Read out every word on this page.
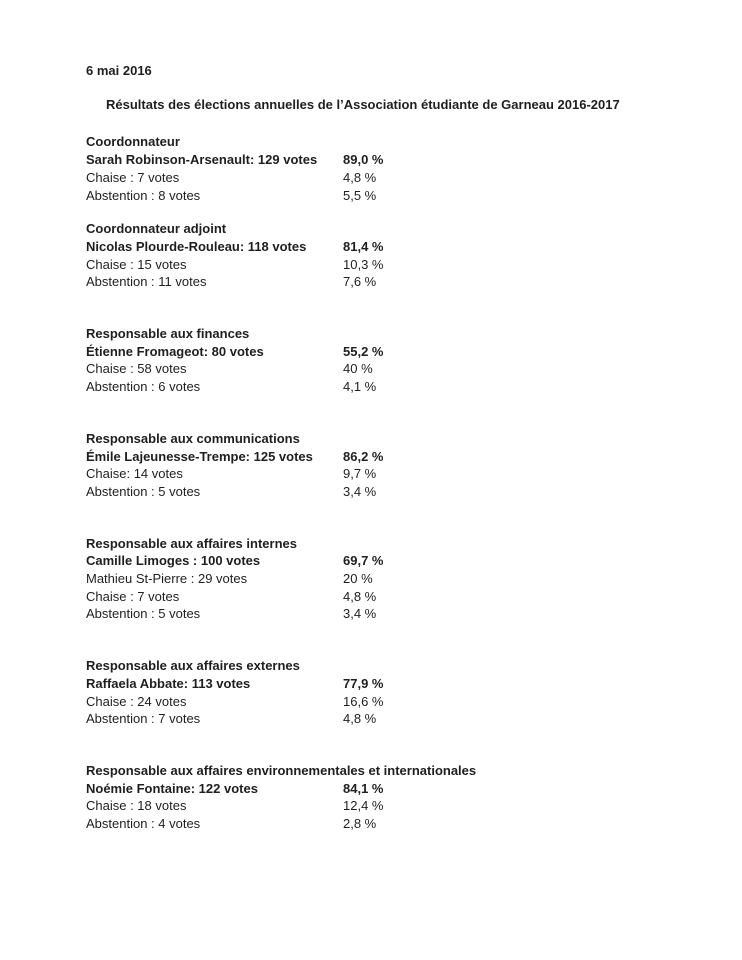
6 mai 2016

Résultats des élections annuelles de l’Association étudiante de Garneau 2016-2017

Coordonnateur

Sarah Robinson-Arsenault: 129 votes	89,0 %
Chaise : 7 votes	4,8 %
Abstention : 8 votes	5,5 %

Coordonnateur adjoint

Nicolas Plourde-Rouleau: 118 votes	81,4 %
Chaise : 15 votes	10,3 %
Abstention : 11 votes	7,6 %

Responsable aux finances

Étienne Fromageot: 80 votes	55,2 %
Chaise : 58 votes	40 %
Abstention : 6 votes	4,1 %

Responsable aux communications

Émile Lajeunesse-Trempe: 125 votes	86,2 %
Chaise: 14 votes	9,7 %
Abstention : 5 votes	3,4 %

Responsable aux affaires internes

Camille Limoges : 100 votes	69,7 %
Mathieu St-Pierre : 29 votes	20 %
Chaise : 7 votes	4,8 %
Abstention : 5 votes	3,4 %

Responsable aux affaires externes

Raffaela Abbate: 113 votes	77,9 %
Chaise : 24 votes	16,6 %
Abstention : 7 votes	4,8 %

Responsable aux affaires environnementales et internationales

Noémie Fontaine: 122 votes	84,1 %
Chaise : 18 votes	12,4 %
Abstention : 4 votes	2,8 %
